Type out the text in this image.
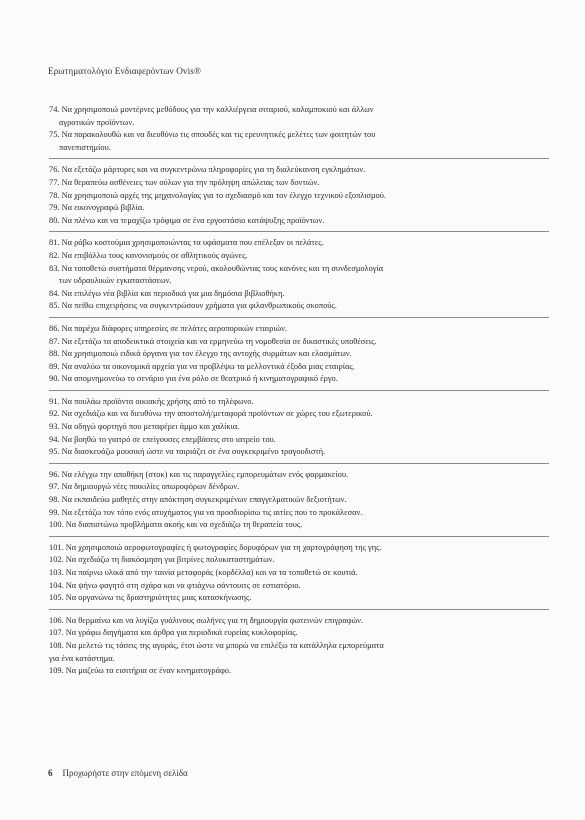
Ερωτηματολόγιο Ενδιαφερόντων Ovis®
74. Να χρησιμοποιώ μοντέρνες μεθόδους για την καλλιέργεια σιταριού, καλαμποκιού και άλλων
αγροτικών προϊόντων.
75. Να παρακολουθώ και να διευθύνω τις σπουδές και τις ερευνητικές μελέτες των φοιτητών του
πανεπιστημίου.
76. Να εξετάζω μάρτυρες και να συγκεντρώνω πληροφορίες για τη διαλεύκανση εγκλημάτων.
77. Να θεραπεύω ασθένειες των ούλων για την πρόληψη απώλειας των δοντιών.
78. Να χρησιμοποιώ αρχές της μηχανολογίας για το σχεδιασμό και τον έλεγχο τεχνικού εξοπλισμού.
79. Να εικονογραφώ βιβλία.
80. Να πλένω και να τεμαχίζω τρόφιμα σε ένα εργοστάσιο κατάψυξης προϊόντων.
81. Να ράβω κοστούμια χρησιμοποιώντας τα υφάσματα που επέλεξαν οι πελάτες.
82. Να επιβάλλω τους κανονισμούς σε αθλητικούς αγώνες.
83. Να τοποθετώ συστήματα θέρμανσης νερού, ακολουθώντας τους κανόνες και τη συνδεσμολογία
των υδραυλικών εγκαταστάσεων.
84. Να επιλέγω νέα βιβλία και περιοδικά για μια δημόσια βιβλιοθήκη.
85. Να πείθω επιχειρήσεις να συγκεντρώσουν χρήματα για φιλανθρωπικούς σκοπούς.
86. Να παρέχω διάφορες υπηρεσίες σε πελάτες αεροπορικών εταιριών.
87. Να εξετάζω τα αποδεικτικά στοιχεία και να ερμηνεύω τη νομοθεσία σε δικαστικές υποθέσεις.
88. Να χρησιμοποιώ ειδικά όργανα για τον έλεγχο της αντοχής συρμάτων και ελασμάτων.
89. Να αναλύω τα οικονομικά αρχεία για να προβλέψω τα μελλοντικά έξοδα μιας εταιρίας.
90. Να απομνημονεύω το σενάριο για ένα ρόλο σε θεατρικό ή κινηματογραφικό έργο.
91. Να πουλάω προϊόντα οικιακής χρήσης από το τηλέφωνο.
92. Να σχεδιάζω και να διευθύνω την αποστολή/μεταφορά προϊόντων σε χώρες του εξωτερικού.
93. Να οδηγώ φορτηγό που μεταφέρει άμμο και χαλίκια.
94. Να βοηθώ το γιατρό σε επείγουσες επεμβάσεις στο ιατρείο του.
95. Να διασκευάζω μουσική ώστε να ταιριάζει σε ένα συγκεκριμένο τραγουδιστή.
96. Να ελέγχω την αποθήκη (στοκ) και τις παραγγελίες εμπορευμάτων ενός φαρμακείου.
97. Να δημιουργώ νέες ποικιλίες οπωροφόρων δένδρων.
98. Να εκπαιδεύω μαθητές στην απόκτηση συγκεκριμένων επαγγελματικών δεξιοτήτων.
99. Να εξετάζω τον τόπο ενός ατυχήματος για να προσδιορίσω τις αιτίες που το προκάλεσαν.
100. Να διαπιστώνω προβλήματα ακοής και να σχεδιάζω τη θεραπεία τους.
101. Να χρησιμοποιώ αεροφωτογραφίες ή φωτογραφίες δορυφόρων για τη χαρτογράφηση της γης.
102. Να σχεδιάζω τη διακόσμηση για βιτρίνες πολυκαταστημάτων.
103. Να παίρνω υλικά από την ταινία μεταφοράς (κορδέλλα) και να τα τοποθετώ σε κουτιά.
104. Να ψήνω φαγητό στη σχάρα και να φτιάχνω σάντουιτς σε εστιατόριο.
105. Να οργανώνω τις δραστηριότητες μιας κατασκήνωσης.
106. Να θερμαίνω και να λυγίζω γυάλινους σωλήνες για τη δημιουργία φωτεινών επιγραφών.
107. Να γράφω διηγήματα και άρθρα για περιοδικά ευρείας κυκλοφορίας.
108. Να μελετώ τις τάσεις της αγοράς, έτσι ώστε να μπορώ να επιλέξω τα κατάλληλα εμπορεύματα
για ένα κατάστημα.
109. Να μαζεύω τα εισιτήρια σε έναν κινηματογράφο.
6 Προχωρήστε στην επόμενη σελίδα
